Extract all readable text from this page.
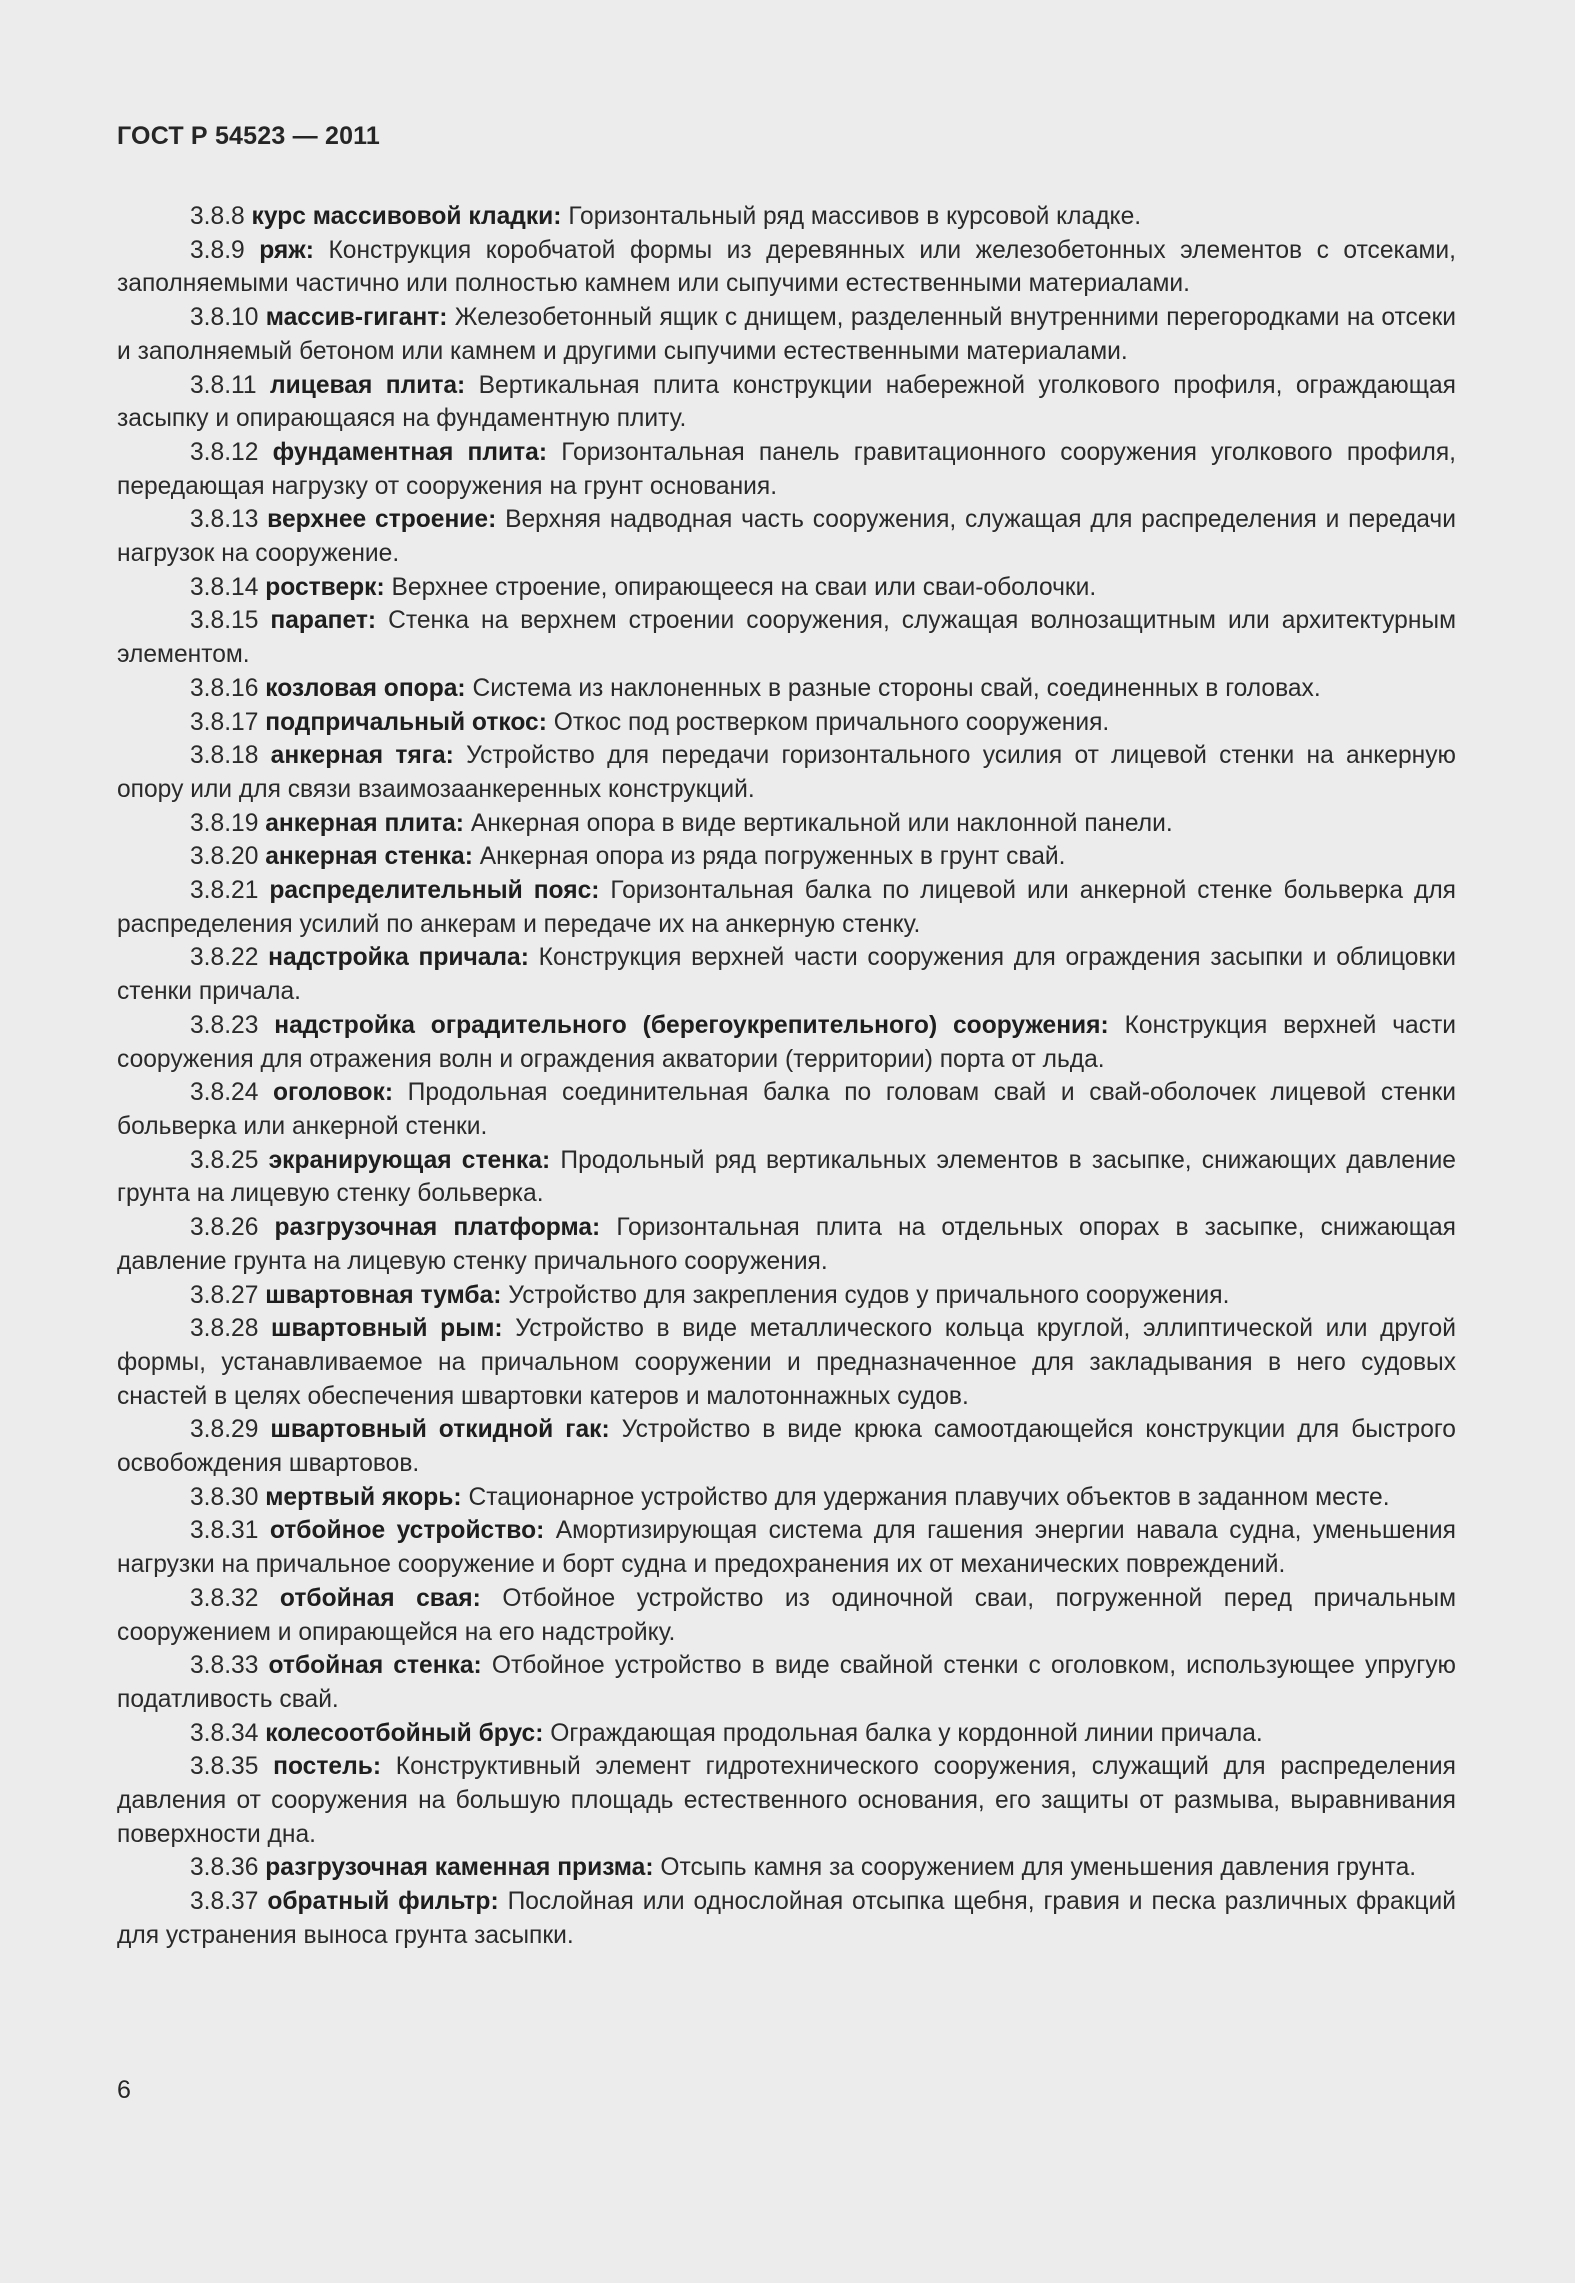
ГОСТ Р 54523 — 2011

3.8.8 курс массивовой кладки: Горизонтальный ряд массивов в курсовой кладке.

3.8.9 ряж: Конструкция коробчатой формы из деревянных или железобетонных элементов с отсеками, заполняемыми частично или полностью камнем или сыпучими естественными материалами.

3.8.10 массив-гигант: Железобетонный ящик с днищем, разделенный внутренними перегородками на отсеки и заполняемый бетоном или камнем и другими сыпучими естественными материалами.

3.8.11 лицевая плита: Вертикальная плита конструкции набережной уголкового профиля, ограждающая засыпку и опирающаяся на фундаментную плиту.

3.8.12 фундаментная плита: Горизонтальная панель гравитационного сооружения уголкового профиля, передающая нагрузку от сооружения на грунт основания.

3.8.13 верхнее строение: Верхняя надводная часть сооружения, служащая для распределения и передачи нагрузок на сооружение.

3.8.14 ростверк: Верхнее строение, опирающееся на сваи или сваи-оболочки.

3.8.15 парапет: Стенка на верхнем строении сооружения, служащая волнозащитным или архитектурным элементом.

3.8.16 козловая опора: Система из наклоненных в разные стороны свай, соединенных в головах.

3.8.17 подпричальный откос: Откос под ростверком причального сооружения.

3.8.18 анкерная тяга: Устройство для передачи горизонтального усилия от лицевой стенки на анкерную опору или для связи взаимозаанкеренных конструкций.

3.8.19 анкерная плита: Анкерная опора в виде вертикальной или наклонной панели.

3.8.20 анкерная стенка: Анкерная опора из ряда погруженных в грунт свай.

3.8.21 распределительный пояс: Горизонтальная балка по лицевой или анкерной стенке больверка для распределения усилий по анкерам и передаче их на анкерную стенку.

3.8.22 надстройка причала: Конструкция верхней части сооружения для ограждения засыпки и облицовки стенки причала.

3.8.23 надстройка оградительного (берегоукрепительного) сооружения: Конструкция верхней части сооружения для отражения волн и ограждения акватории (территории) порта от льда.

3.8.24 оголовок: Продольная соединительная балка по головам свай и свай-оболочек лицевой стенки больверка или анкерной стенки.

3.8.25 экранирующая стенка: Продольный ряд вертикальных элементов в засыпке, снижающих давление грунта на лицевую стенку больверка.

3.8.26 разгрузочная платформа: Горизонтальная плита на отдельных опорах в засыпке, снижающая давление грунта на лицевую стенку причального сооружения.

3.8.27 швартовная тумба: Устройство для закрепления судов у причального сооружения.

3.8.28 швартовный рым: Устройство в виде металлического кольца круглой, эллиптической или другой формы, устанавливаемое на причальном сооружении и предназначенное для закладывания в него судовых снастей в целях обеспечения швартовки катеров и малотоннажных судов.

3.8.29 швартовный откидной гак: Устройство в виде крюка самоотдающейся конструкции для быстрого освобождения швартовов.

3.8.30 мертвый якорь: Стационарное устройство для удержания плавучих объектов в заданном месте.

3.8.31 отбойное устройство: Амортизирующая система для гашения энергии навала судна, уменьшения нагрузки на причальное сооружение и борт судна и предохранения их от механических повреждений.

3.8.32 отбойная свая: Отбойное устройство из одиночной сваи, погруженной перед причальным сооружением и опирающейся на его надстройку.

3.8.33 отбойная стенка: Отбойное устройство в виде свайной стенки с оголовком, использующее упругую податливость свай.

3.8.34 колесоотбойный брус: Ограждающая продольная балка у кордонной линии причала.

3.8.35 постель: Конструктивный элемент гидротехнического сооружения, служащий для распределения давления от сооружения на большую площадь естественного основания, его защиты от размыва, выравнивания поверхности дна.

3.8.36 разгрузочная каменная призма: Отсыпь камня за сооружением для уменьшения давления грунта.

3.8.37 обратный фильтр: Послойная или однослойная отсыпка щебня, гравия и песка различных фракций для устранения выноса грунта засыпки.

6
